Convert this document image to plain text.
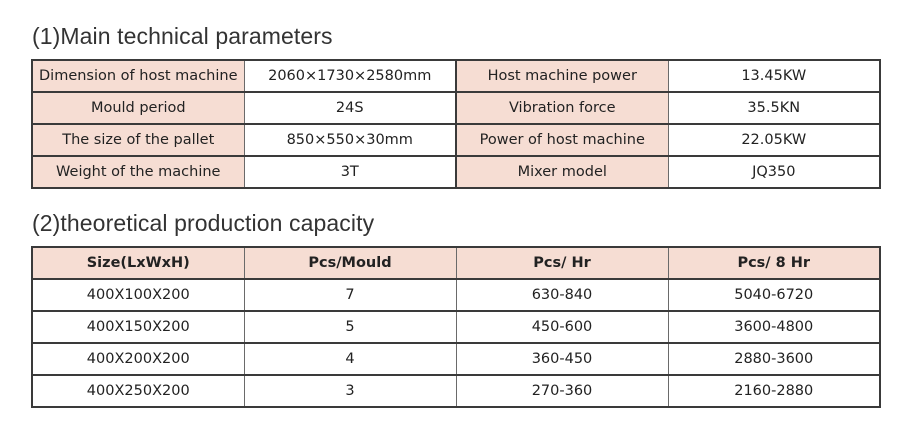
(1)Main technical parameters
Dimension of host machine	2060×1730×2580mm	Host machine power	13.45KW
Mould period	24S	Vibration force	35.5KN
The size of the pallet	850×550×30mm	Power of host machine	22.05KW
Weight of the machine	3T	Mixer model	JQ350
(2)theoretical production capacity
Size(LxWxH)	Pcs/Mould	Pcs/ Hr	Pcs/ 8 Hr
400X100X200	7	630-840	5040-6720
400X150X200	5	450-600	3600-4800
400X200X200	4	360-450	2880-3600
400X250X200	3	270-360	2160-2880
